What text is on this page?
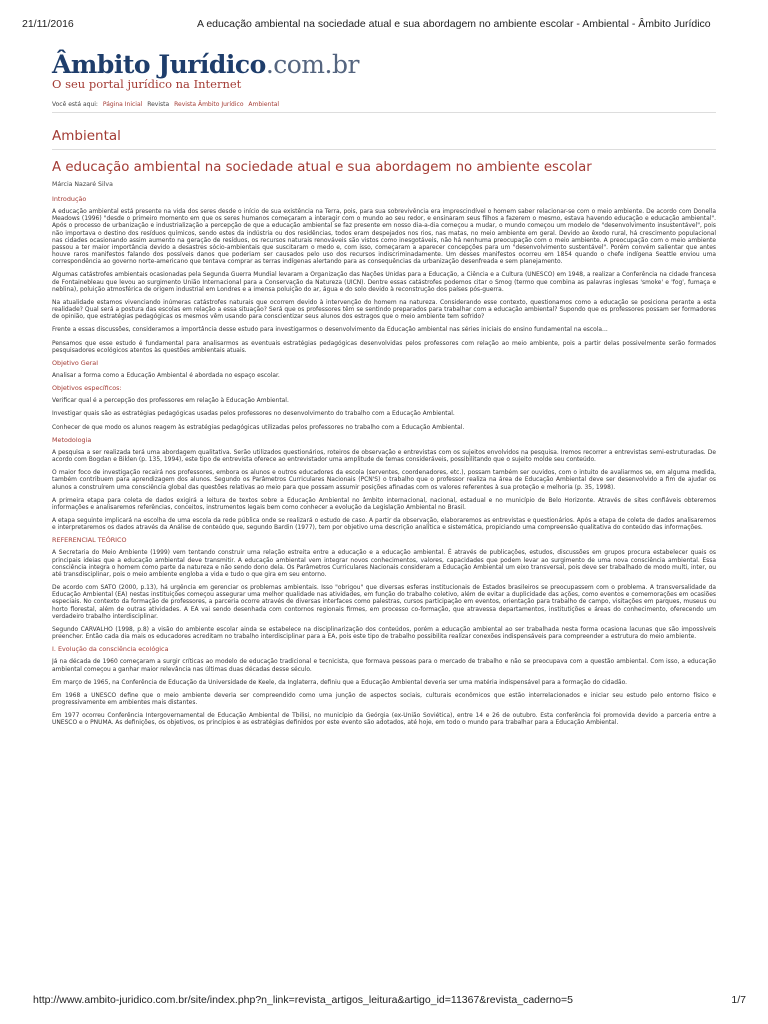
21/11/2016	A educação ambiental na sociedade atual e sua abordagem no ambiente escolar - Ambiental - Âmbito Jurídico
Âmbito Jurídico.com.br
O seu portal jurídico na Internet
Você está aqui: Página Inicial Revista Revista Âmbito Jurídico Ambiental
Ambiental
A educação ambiental na sociedade atual e sua abordagem no ambiente escolar
Márcia Nazaré Silva
Introdução

A educação ambiental está presente na vida dos seres desde o início de sua existência na Terra, pois, para sua sobrevivência era imprescindível o homem saber relacionar-se com o meio ambiente. De acordo com Donella Meadows (1996) "desde o primeiro momento em que os seres humanos começaram a interagir com o mundo ao seu redor, e ensinaram seus filhos a fazerem o mesmo, estava havendo educação e educação ambiental". Após o processo de urbanização e industrialização a percepção de que a educação ambiental se faz presente em nosso dia-a-dia começou a mudar, o mundo começou um modelo de "desenvolvimento insustentável", pois não importava o destino dos resíduos químicos, sendo estes da indústria ou dos residências, todos eram despejados nos rios, nas matas, no meio ambiente em geral. Devido ao êxodo rural, há crescimento populacional nas cidades ocasionando assim aumento na geração de resíduos, os recursos naturais renováveis são vistos como inesgotáveis, não há nenhuma preocupação com o meio ambiente. A preocupação com o meio ambiente passou a ter maior importância devido a desastres sócio-ambientais que suscitaram o medo e, com isso, começaram a aparecer concepções para um "desenvolvimento sustentável". Porém convém salientar que antes houve raros manifestos falando dos possíveis danos que poderiam ser causados pelo uso dos recursos indiscriminadamente. Um desses manifestos ocorreu em 1854 quando o chefe indígena Seattle enviou uma correspondência ao governo norte-americano que tentava comprar as terras indígenas alertando para as consequências da urbanização desenfreada e sem planejamento.

Algumas catástrofes ambientais ocasionadas pela Segunda Guerra Mundial levaram a Organização das Nações Unidas para a Educação, a Ciência e a Cultura (UNESCO) em 1948, a realizar a Conferência na cidade francesa de Fontainebleau que levou ao surgimento União Internacional para a Conservação da Natureza (UICN). Dentre essas catástrofes podemos citar o Smog (termo que combina as palavras inglesas 'smoke' e 'fog', fumaça e neblina), poluição atmosférica de origem industrial em Londres e a imensa poluição do ar, água e do solo devido à reconstrução dos países pós-guerra.

Na atualidade estamos vivenciando inúmeras catástrofes naturais que ocorrem devido à intervenção do homem na natureza. Considerando esse contexto, questionamos como a educação se posiciona perante a esta realidade? Qual será a postura das escolas em relação a essa situação? Será que os professores têm se sentindo preparados para trabalhar com a educação ambiental? Supondo que os professores possam ser formadores de opinião, que estratégias pedagógicas os mesmos vêm usando para conscientizar seus alunos dos estragos que o meio ambiente tem sofrido?

Frente a essas discussões, consideramos a importância desse estudo para investigarmos o desenvolvimento da Educação ambiental nas séries iniciais do ensino fundamental na escola...

Pensamos que esse estudo é fundamental para analisarmos as eventuais estratégias pedagógicas desenvolvidas pelos professores com relação ao meio ambiente, pois a partir delas possivelmente serão formados pesquisadores ecológicos atentos às questões ambientais atuais.

Objetivo Geral

Analisar a forma como a Educação Ambiental é abordada no espaço escolar.

Objetivos específicos:
Verificar qual é a percepção dos professores em relação à Educação Ambiental.
Investigar quais são as estratégias pedagógicas usadas pelos professores no desenvolvimento do trabalho com a Educação Ambiental.
Conhecer de que modo os alunos reagem às estratégias pedagógicas utilizadas pelos professores no trabalho com a Educação Ambiental.
Metodologia

A pesquisa a ser realizada terá uma abordagem qualitativa. Serão utilizados questionários, roteiros de observação e entrevistas com os sujeitos envolvidos na pesquisa. Iremos recorrer a entrevistas semi-estruturadas. De acordo com Bogdan e Biklen (p. 135, 1994), este tipo de entrevista oferece ao entrevistador uma amplitude de temas consideráveis, possibilitando que o sujeito molde seu conteúdo.

O maior foco de investigação recairá nos professores, embora os alunos e outros educadores da escola (serventes, coordenadores, etc.), possam também ser ouvidos, com o intuito de avaliarmos se, em alguma medida, também contribuem para aprendizagem dos alunos. Segundo os Parâmetros Curriculares Nacionais (PCN'S) o trabalho que o professor realiza na área de Educação Ambiental deve ser desenvolvido a fim de ajudar os alunos a construírem uma consciência global das questões relativas ao meio para que possam assumir posições afinadas com os valores referentes à sua proteção e melhoria (p. 35, 1998).

A primeira etapa para coleta de dados exigirá a leitura de textos sobre a Educação Ambiental no âmbito internacional, nacional, estadual e no município de Belo Horizonte. Através de sites confiáveis obteremos informações e analisaremos referências, conceitos, instrumentos legais bem como conhecer a evolução da Legislação Ambiental no Brasil.

A etapa seguinte implicará na escolha de uma escola da rede pública onde se realizará o estudo de caso. A partir da observação, elaboraremos as entrevistas e questionários. Após a etapa de coleta de dados analisaremos e interpretaremos os dados através da Análise de conteúdo que, segundo Bardin (1977), tem por objetivo uma descrição analítica e sistemática, propiciando uma compreensão qualitativa do conteúdo das informações.

REFERENCIAL TEÓRICO

A Secretaria do Meio Ambiente (1999) vem tentando construir uma relação estreita entre a educação e a educação ambiental. É através de publicações, estudos, discussões em grupos procura estabelecer quais os principais ideias que a educação ambiental deve transmitir. A educação ambiental vem integrar novos conhecimentos, valores, capacidades que podem levar ao surgimento de uma nova consciência ambiental. Essa consciência integra o homem como parte da natureza e não sendo dono dela. Os Parâmetros Curriculares Nacionais consideram a Educação Ambiental um eixo transversal, pois deve ser trabalhado de modo multi, inter, ou até transdisciplinar, pois o meio ambiente engloba a vida e tudo o que gira em seu entorno.

De acordo com SATO (2000, p.13), há urgência em gerenciar os problemas ambientais. Isso "obrigou" que diversas esferas institucionais de Estados brasileiros se preocupassem com o problema. A transversalidade da Educação Ambiental (EA) nestas instituições começou assegurar uma melhor qualidade nas atividades, em função do trabalho coletivo, além de evitar a duplicidade das ações, como eventos e comemorações em ocasiões especiais. No contexto da formação de professores, a parceria ocorre através de diversas interfaces como palestras, cursos participação em eventos, orientação para trabalho de campo, visitações em parques, museus ou horto florestal, além de outras atividades. A EA vai sendo desenhada com contornos regionais firmes, em processo co-formação, que atravessa departamentos, institutições e áreas do conhecimento, oferecendo um verdadeiro trabalho interdisciplinar.

Segundo CARVALHO (1998, p.8) a visão do ambiente escolar ainda se estabelece na disciplinarização dos conteúdos, porém a educação ambiental ao ser trabalhada nesta forma ocasiona lacunas que são impossíveis preencher. Então cada dia mais os educadores acreditam no trabalho interdisciplinar para a EA, pois este tipo de trabalho possibilita realizar conexões indispensáveis para compreender a estrutura do meio ambiente.

I. Evolução da consciência ecológica

Já na década de 1960 começaram a surgir críticas ao modelo de educação tradicional e tecnicista, que formava pessoas para o mercado de trabalho e não se preocupava com a questão ambiental. Com isso, a educação ambiental começou a ganhar maior relevância nas últimas duas décadas desse século.

Em março de 1965, na Conferência de Educação da Universidade de Keele, da Inglaterra, definiu que a Educação Ambiental deveria ser uma matéria indispensável para a formação do cidadão.

Em 1968 a UNESCO define que o meio ambiente deveria ser compreendido como uma junção de aspectos sociais, culturais econômicos que estão interrelacionados e iniciar seu estudo pelo entorno físico e progressivamente em ambientes mais distantes.

Em 1977 ocorreu Conferência Intergovernamental de Educação Ambiental de Tbilisi, no município da Geórgia (ex-União Soviética), entre 14 e 26 de outubro. Esta conferência foi promovida devido a parceria entre a UNESCO e o PNUMA. As definições, os objetivos, os princípios e as estratégias definidos por este evento são adotados, até hoje, em todo o mundo para trabalhar para a Educação Ambiental.

http://www.ambito-juridico.com.br/site/index.php?n_link=revista_artigos_leitura&artigo_id=11367&revista_caderno=5	1/7
